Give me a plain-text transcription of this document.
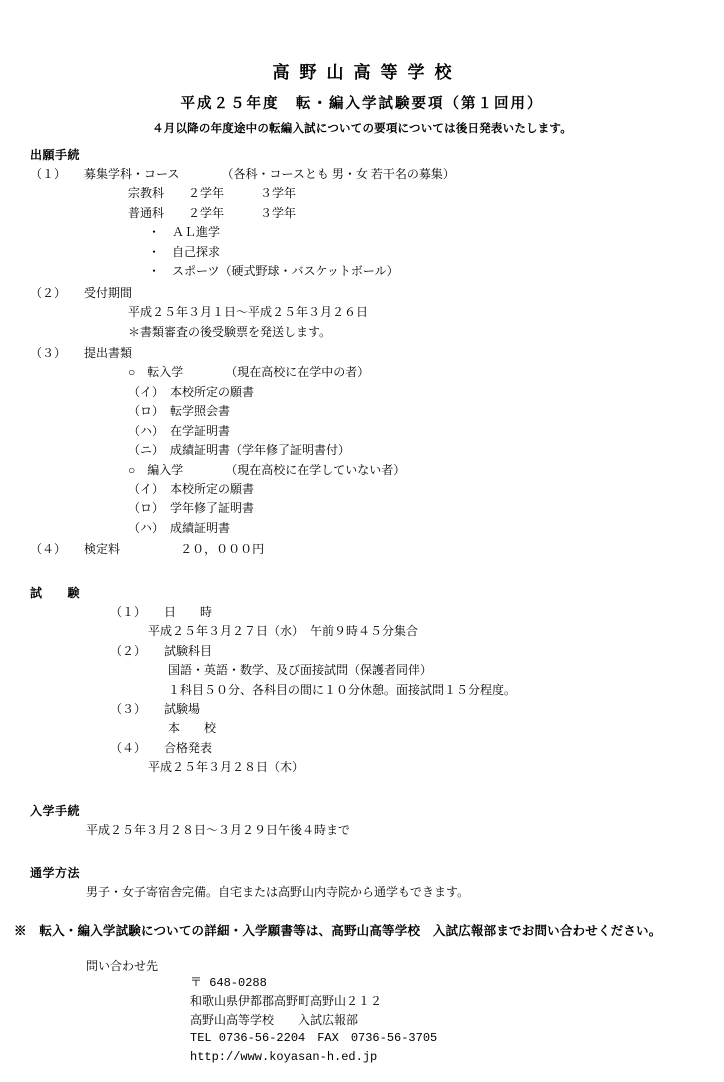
高野山高等学校
平成２５年度　転・編入学試験要項（第１回用）
４月以降の年度途中の転編入試についての要項については後日発表いたします。
出願手続
（１）　　 募集学科・コース　　　　	（各科・コースとも 男・女 若干名の募集）
宗教科　　２学年　　　３学年
普通科　　２学年　　　３学年
・　ＡＬ進学
・　自己探求
・　スポーツ（硬式野球・バスケットボール）
（２）　　 受付期間
平成２５年３月１日～平成２５年３月２６日
＊書類審査の後受験票を発送します。
（３）　　 提出書類
○　転入学　　　　	（現在高校に在学中の者）
（イ）　本校所定の願書
（ロ）　転学照会書
（ハ）　在学証明書
（ニ）　成績証明書（学年修了証明書付）
○　編入学　　　　	（現在高校に在学していない者）
（イ）　本校所定の願書
（ロ）　学年修了証明書
（ハ）　成績証明書
（４）　　 検定料　　　　　	２０，０００円
試　　験
（１）　　 日　　時
平成２５年３月２７日（水）　午前９時４５分集合
（２）　　 試験科目
国語・英語・数学、及び面接試問（保護者同伴）
１科目５０分、各科目の間に１０分休憩。面接試問１５分程度。
（３）　　 試験場
本　　校
（４）　　 合格発表
平成２５年３月２８日（木）
入学手続
平成２５年３月２８日～３月２９日午後４時まで
通学方法
男子・女子寄宿舎完備。自宅または高野山内寺院から通学もできます。
※　転入・編入学試験についての詳細・入学願書等は、高野山高等学校　入試広報部までお問い合わせください。
問い合わせ先
〒 648-0288
和歌山県伊都郡高野町高野山２１２
高野山高等学校　　入試広報部
TEL 0736-56-2204　FAX　0736-56-3705
http://www.koyasan-h.ed.jp
